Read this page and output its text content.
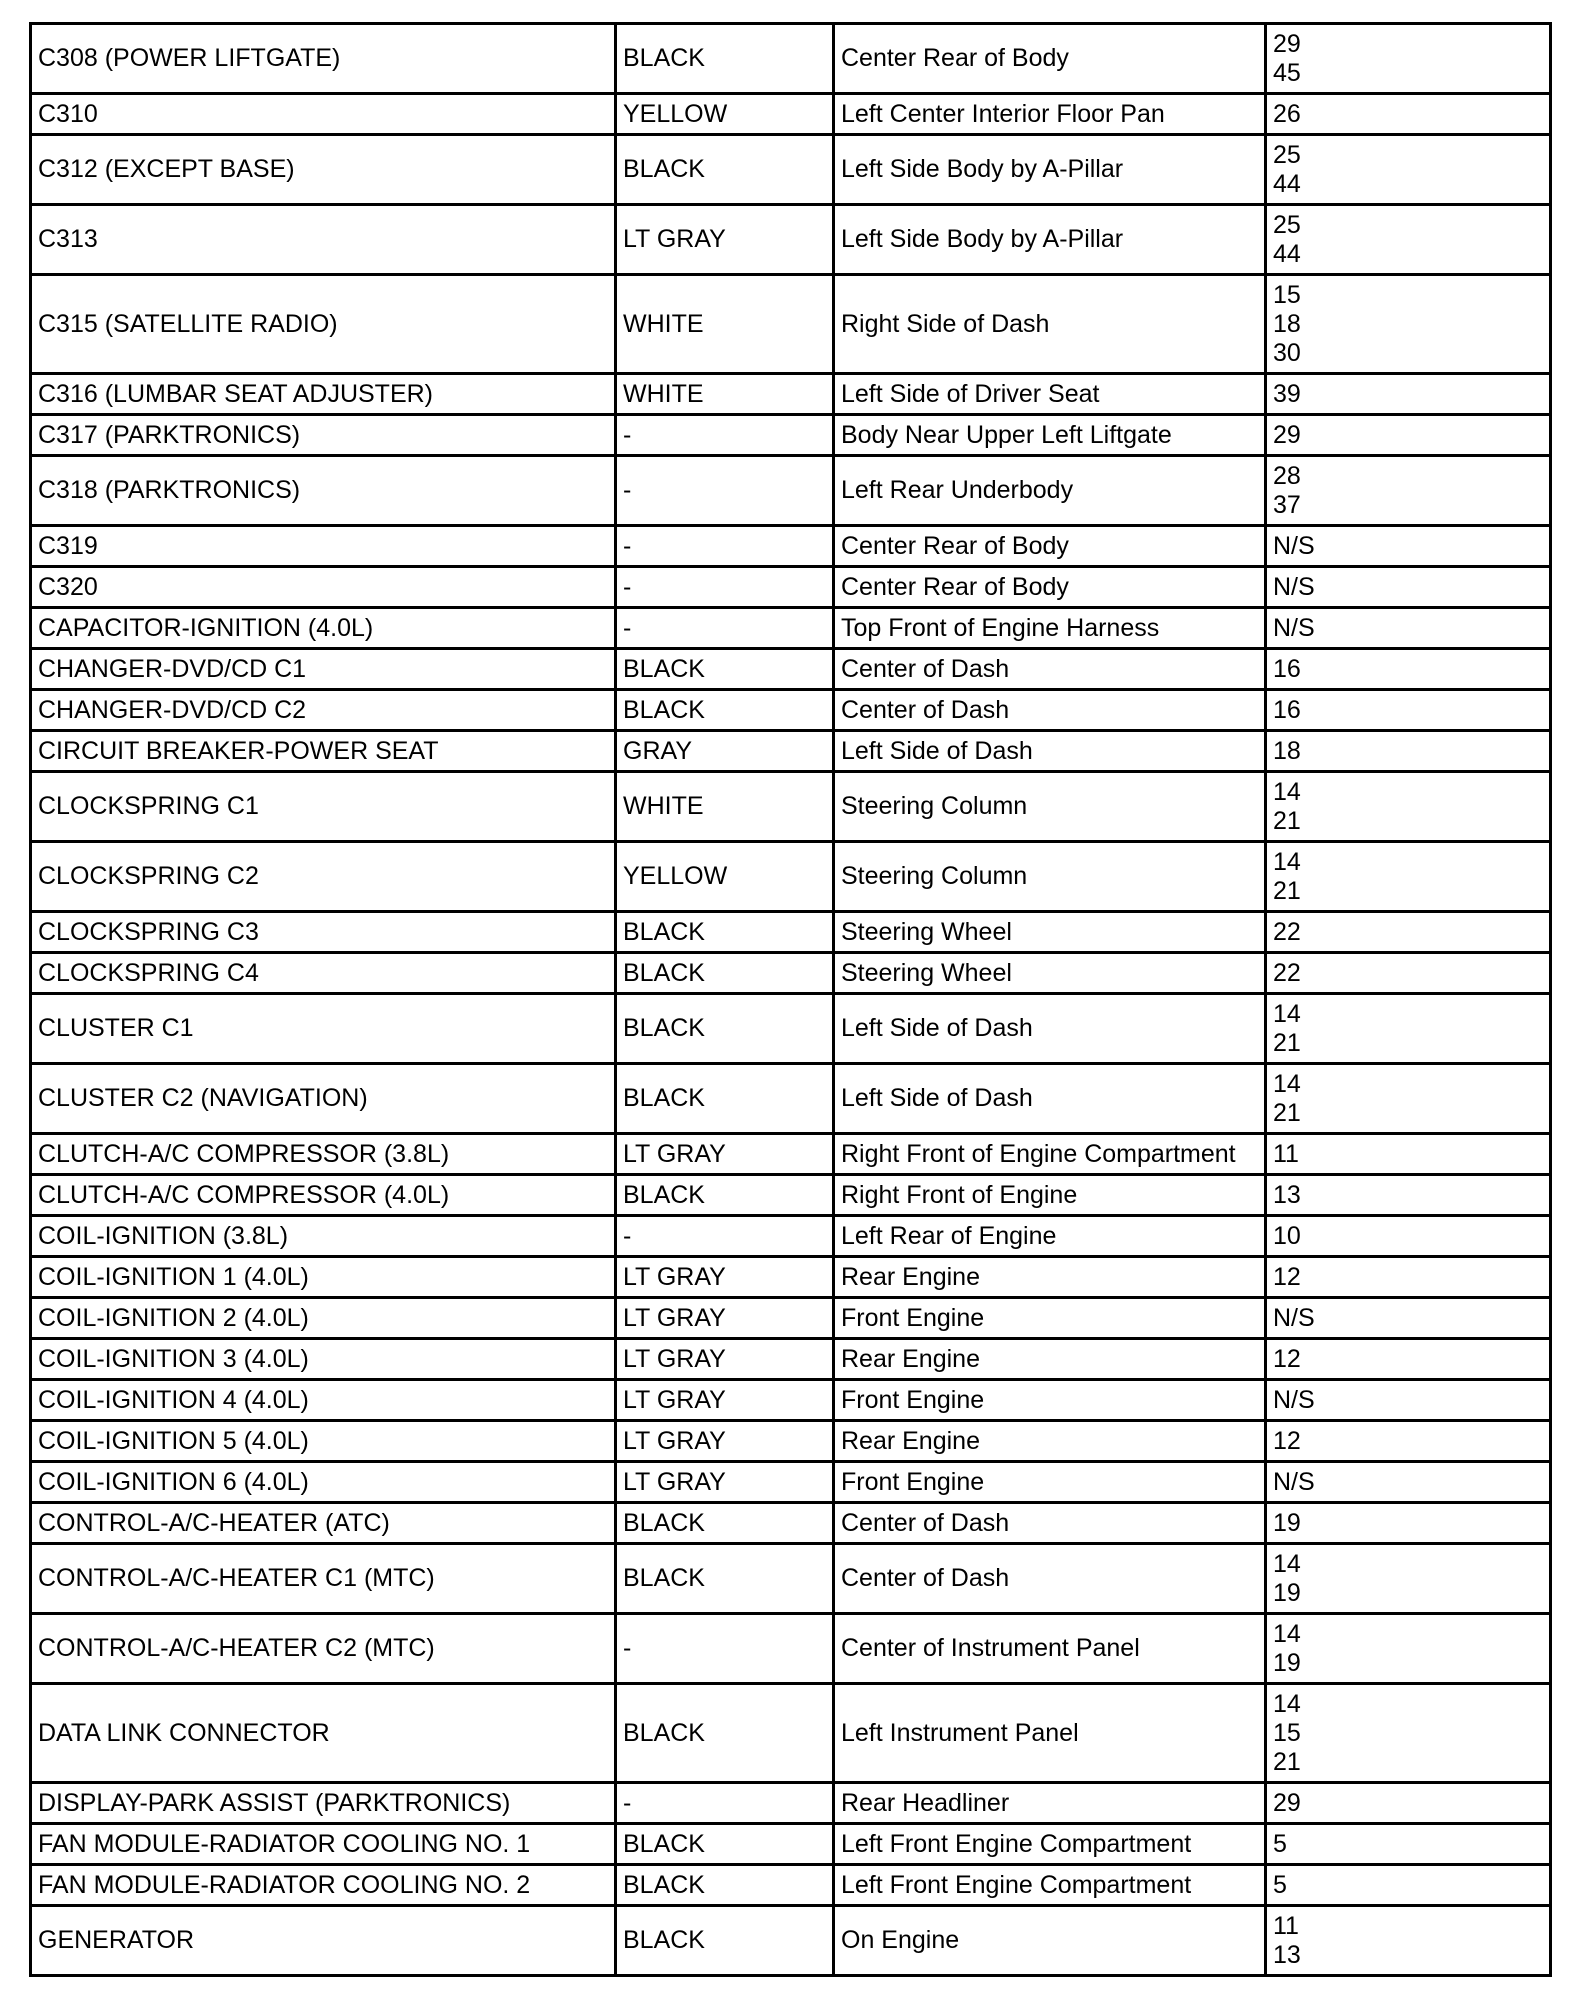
C308 (POWER LIFTGATE)	BLACK	Center Rear of Body	29
45

C310	YELLOW	Left Center Interior Floor Pan	26

C312 (EXCEPT BASE)	BLACK	Left Side Body by A-Pillar	25
44

C313	LT GRAY	Left Side Body by A-Pillar	25
44

C315 (SATELLITE RADIO)	WHITE	Right Side of Dash	15
18
30

C316 (LUMBAR SEAT ADJUSTER)	WHITE	Left Side of Driver Seat	39

C317 (PARKTRONICS)	-	Body Near Upper Left Liftgate	29

C318 (PARKTRONICS)	-	Left Rear Underbody	28
37

C319	-	Center Rear of Body	N/S

C320	-	Center Rear of Body	N/S

CAPACITOR-IGNITION (4.0L)	-	Top Front of Engine Harness	N/S

CHANGER-DVD/CD C1	BLACK	Center of Dash	16

CHANGER-DVD/CD C2	BLACK	Center of Dash	16

CIRCUIT BREAKER-POWER SEAT	GRAY	Left Side of Dash	18

CLOCKSPRING C1	WHITE	Steering Column	14
21

CLOCKSPRING C2	YELLOW	Steering Column	14
21

CLOCKSPRING C3	BLACK	Steering Wheel	22

CLOCKSPRING C4	BLACK	Steering Wheel	22

CLUSTER C1	BLACK	Left Side of Dash	14
21

CLUSTER C2 (NAVIGATION)	BLACK	Left Side of Dash	14
21

CLUTCH-A/C COMPRESSOR (3.8L)	LT GRAY	Right Front of Engine Compartment	11

CLUTCH-A/C COMPRESSOR (4.0L)	BLACK	Right Front of Engine	13

COIL-IGNITION (3.8L)	-	Left Rear of Engine	10

COIL-IGNITION 1 (4.0L)	LT GRAY	Rear Engine	12

COIL-IGNITION 2 (4.0L)	LT GRAY	Front Engine	N/S

COIL-IGNITION 3 (4.0L)	LT GRAY	Rear Engine	12

COIL-IGNITION 4 (4.0L)	LT GRAY	Front Engine	N/S

COIL-IGNITION 5 (4.0L)	LT GRAY	Rear Engine	12

COIL-IGNITION 6 (4.0L)	LT GRAY	Front Engine	N/S

CONTROL-A/C-HEATER (ATC)	BLACK	Center of Dash	19

CONTROL-A/C-HEATER C1 (MTC)	BLACK	Center of Dash	14
19

CONTROL-A/C-HEATER C2 (MTC)	-	Center of Instrument Panel	14
19

DATA LINK CONNECTOR	BLACK	Left Instrument Panel	14
15
21

DISPLAY-PARK ASSIST (PARKTRONICS)	-	Rear Headliner	29

FAN MODULE-RADIATOR COOLING NO. 1	BLACK	Left Front Engine Compartment	5

FAN MODULE-RADIATOR COOLING NO. 2	BLACK	Left Front Engine Compartment	5

GENERATOR	BLACK	On Engine	11
13
